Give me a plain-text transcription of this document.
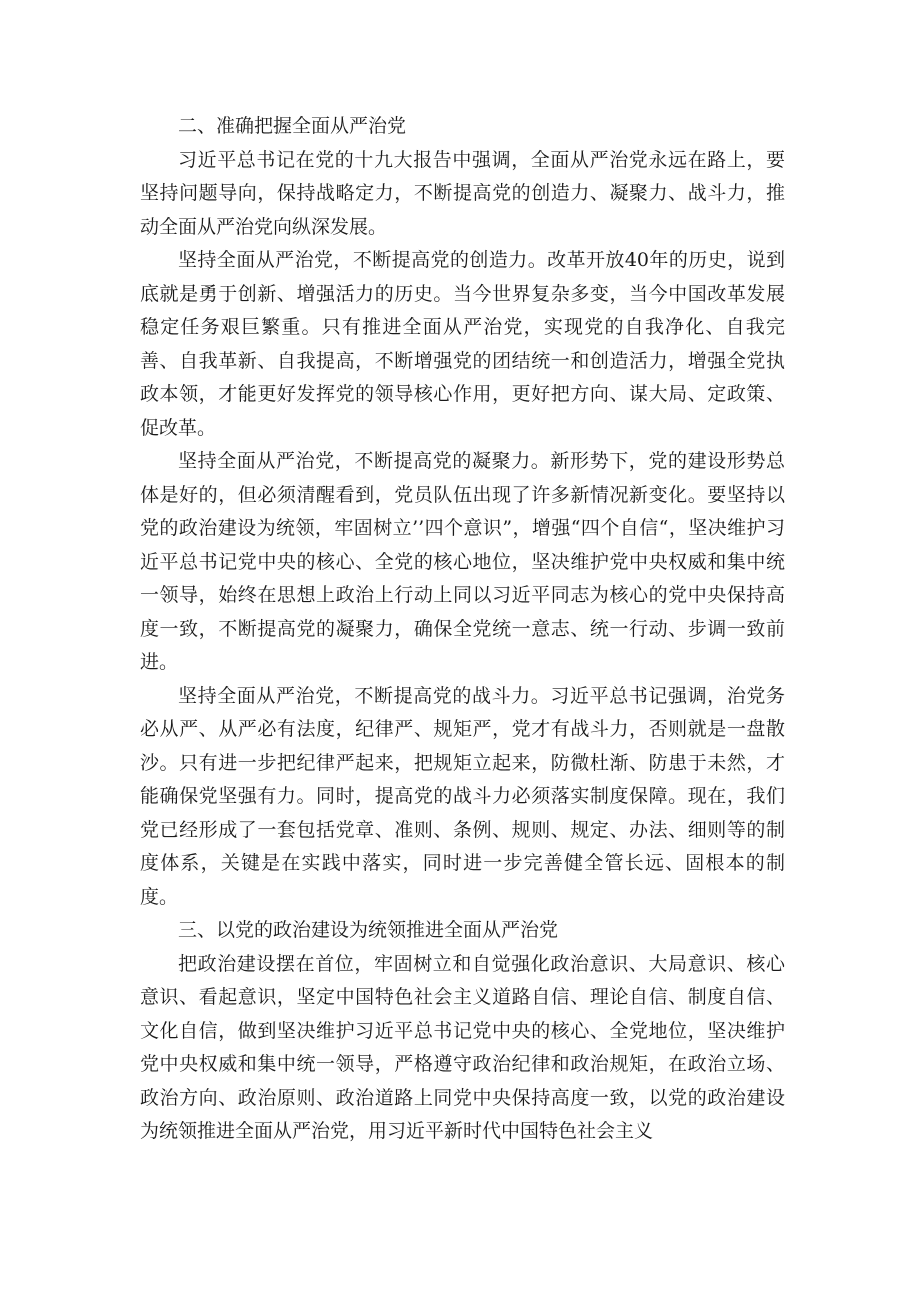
二、准确把握全面从严治党

习近平总书记在党的十九大报告中强调，全面从严治党永远在路上，要坚持问题导向，保持战略定力，不断提高党的创造力、凝聚力、战斗力，推动全面从严治党向纵深发展。

坚持全面从严治党，不断提高党的创造力。改革开放40年的历史，说到底就是勇于创新、增强活力的历史。当今世界复杂多变，当今中国改革发展稳定任务艰巨繁重。只有推进全面从严治党，实现党的自我净化、自我完善、自我革新、自我提高，不断增强党的团结统一和创造活力，增强全党执政本领，才能更好发挥党的领导核心作用，更好把方向、谋大局、定政策、促改革。

坚持全面从严治党，不断提高党的凝聚力。新形势下，党的建设形势总体是好的，但必须清醒看到，党员队伍出现了许多新情况新变化。要坚持以党的政治建设为统领，牢固树立’’四个意识”，增强“四个自信“，坚决维护习近平总书记党中央的核心、全党的核心地位，坚决维护党中央权威和集中统一领导，始终在思想上政治上行动上同以习近平同志为核心的党中央保持高度一致，不断提高党的凝聚力，确保全党统一意志、统一行动、步调一致前进。

坚持全面从严治党，不断提高党的战斗力。习近平总书记强调，治党务必从严、从严必有法度，纪律严、规矩严，党才有战斗力，否则就是一盘散沙。只有进一步把纪律严起来，把规矩立起来，防微杜渐、防患于未然，才能确保党坚强有力。同时，提高党的战斗力必须落实制度保障。现在，我们党已经形成了一套包括党章、准则、条例、规则、规定、办法、细则等的制度体系，关键是在实践中落实，同时进一步完善健全管长远、固根本的制度。

三、以党的政治建设为统领推进全面从严治党

把政治建设摆在首位，牢固树立和自觉强化政治意识、大局意识、核心意识、看起意识，坚定中国特色社会主义道路自信、理论自信、制度自信、文化自信，做到坚决维护习近平总书记党中央的核心、全党地位，坚决维护党中央权威和集中统一领导，严格遵守政治纪律和政治规矩，在政治立场、政治方向、政治原则、政治道路上同党中央保持高度一致，以党的政治建设为统领推进全面从严治党，用习近平新时代中国特色社会主义
